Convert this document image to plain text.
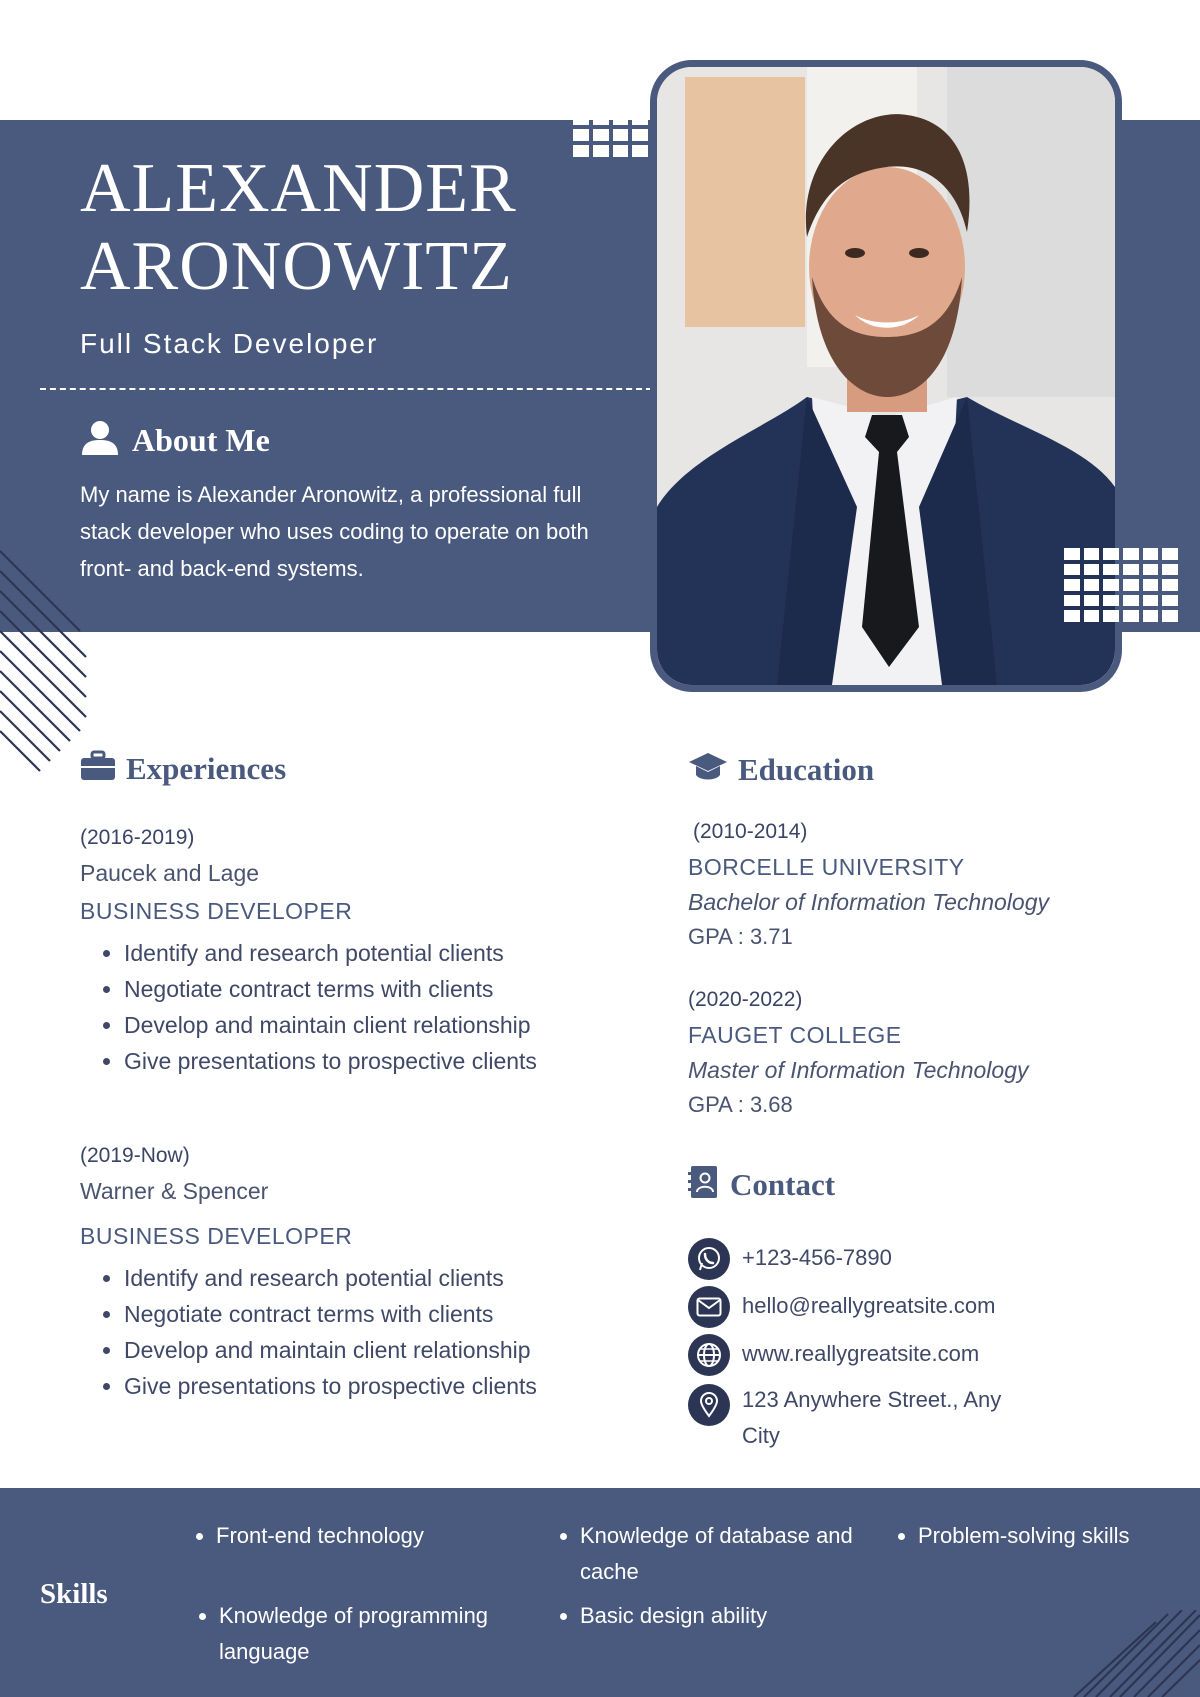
ALEXANDER
ARONOWITZ
Full Stack Developer
About Me

My name is Alexander Aronowitz, a professional full stack developer who uses coding to operate on both front- and back-end systems.

Experiences
(2016-2019)
Paucek and Lage
BUSINESS DEVELOPER
• Identify and research potential clients
• Negotiate contract terms with clients
• Develop and maintain client relationship
• Give presentations to prospective clients
(2019-Now)
Warner & Spencer
BUSINESS DEVELOPER
• Identify and research potential clients
• Negotiate contract terms with clients
• Develop and maintain client relationship
• Give presentations to prospective clients
Education
(2010-2014)
BORCELLE UNIVERSITY
Bachelor of Information Technology
GPA : 3.71
(2020-2022)
FAUGET COLLEGE
Master of Information Technology
GPA : 3.68
Contact
+123-456-7890
hello@reallygreatsite.com
www.reallygreatsite.com
123 Anywhere Street., Any City
Skills
• Front-end technology
•	Knowledge of database and cache
• Problem-solving skills
• Knowledge of programming language
• Basic design ability
